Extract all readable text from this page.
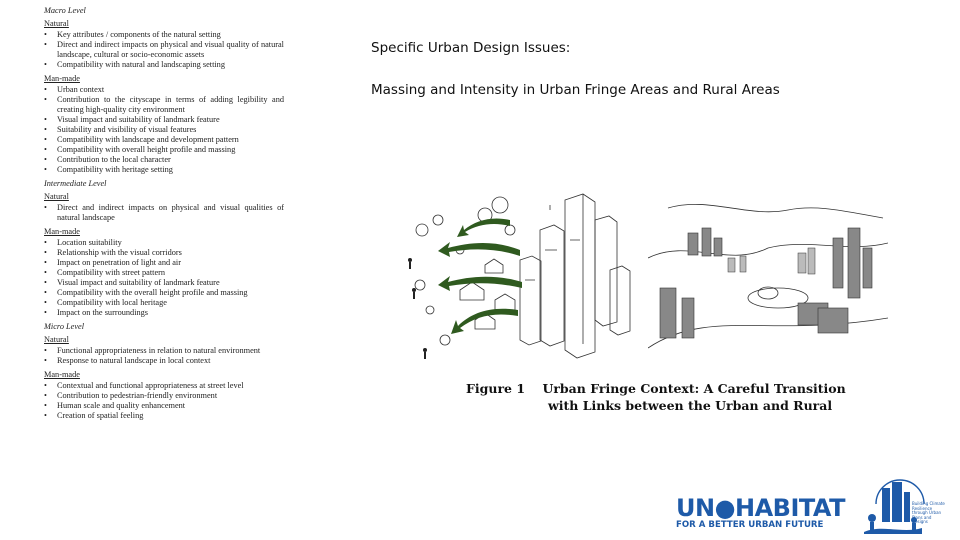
Macro Level
Natural
• Key attributes / components of the natural setting
• Direct and indirect impacts on physical and visual quality of natural landscape, cultural or socio-economic assets
• Compatibility with natural and landscaping setting
Man-made
• Urban context
• Contribution to the cityscape in terms of adding legibility and creating high-quality city environment
• Visual impact and suitability of landmark feature
• Suitability and visibility of visual features
• Compatibility with landscape and development pattern
• Compatibility with overall height profile and massing
• Contribution to the local character
• Compatibility with heritage setting
Intermediate Level
Natural
• Direct and indirect impacts on physical and visual qualities of natural landscape
Man-made
• Location suitability
• Relationship with the visual corridors
• Impact on penetration of light and air
• Compatibility with street pattern
• Visual impact and suitability of landmark feature
• Compatibility with the overall height profile and massing
• Compatibility with local heritage
• Impact on the surroundings
Micro Level
Natural
• Functional appropriateness in relation to natural environment
• Response to natural landscape in local context
Man-made
• Contextual and functional appropriateness at street level
• Contribution to pedestrian-friendly environment
• Human scale and quality enhancement
• Creation of spatial feeling
Specific Urban Design Issues:
Massing and Intensity in Urban Fringe Areas and Rural Areas
Figure 1    Urban Fringe Context: A Careful Transition
with Links between the Urban and Rural
UN●HABITAT
FOR A BETTER URBAN FUTURE
Building Climate Resilience through Urban Plans and Designs
